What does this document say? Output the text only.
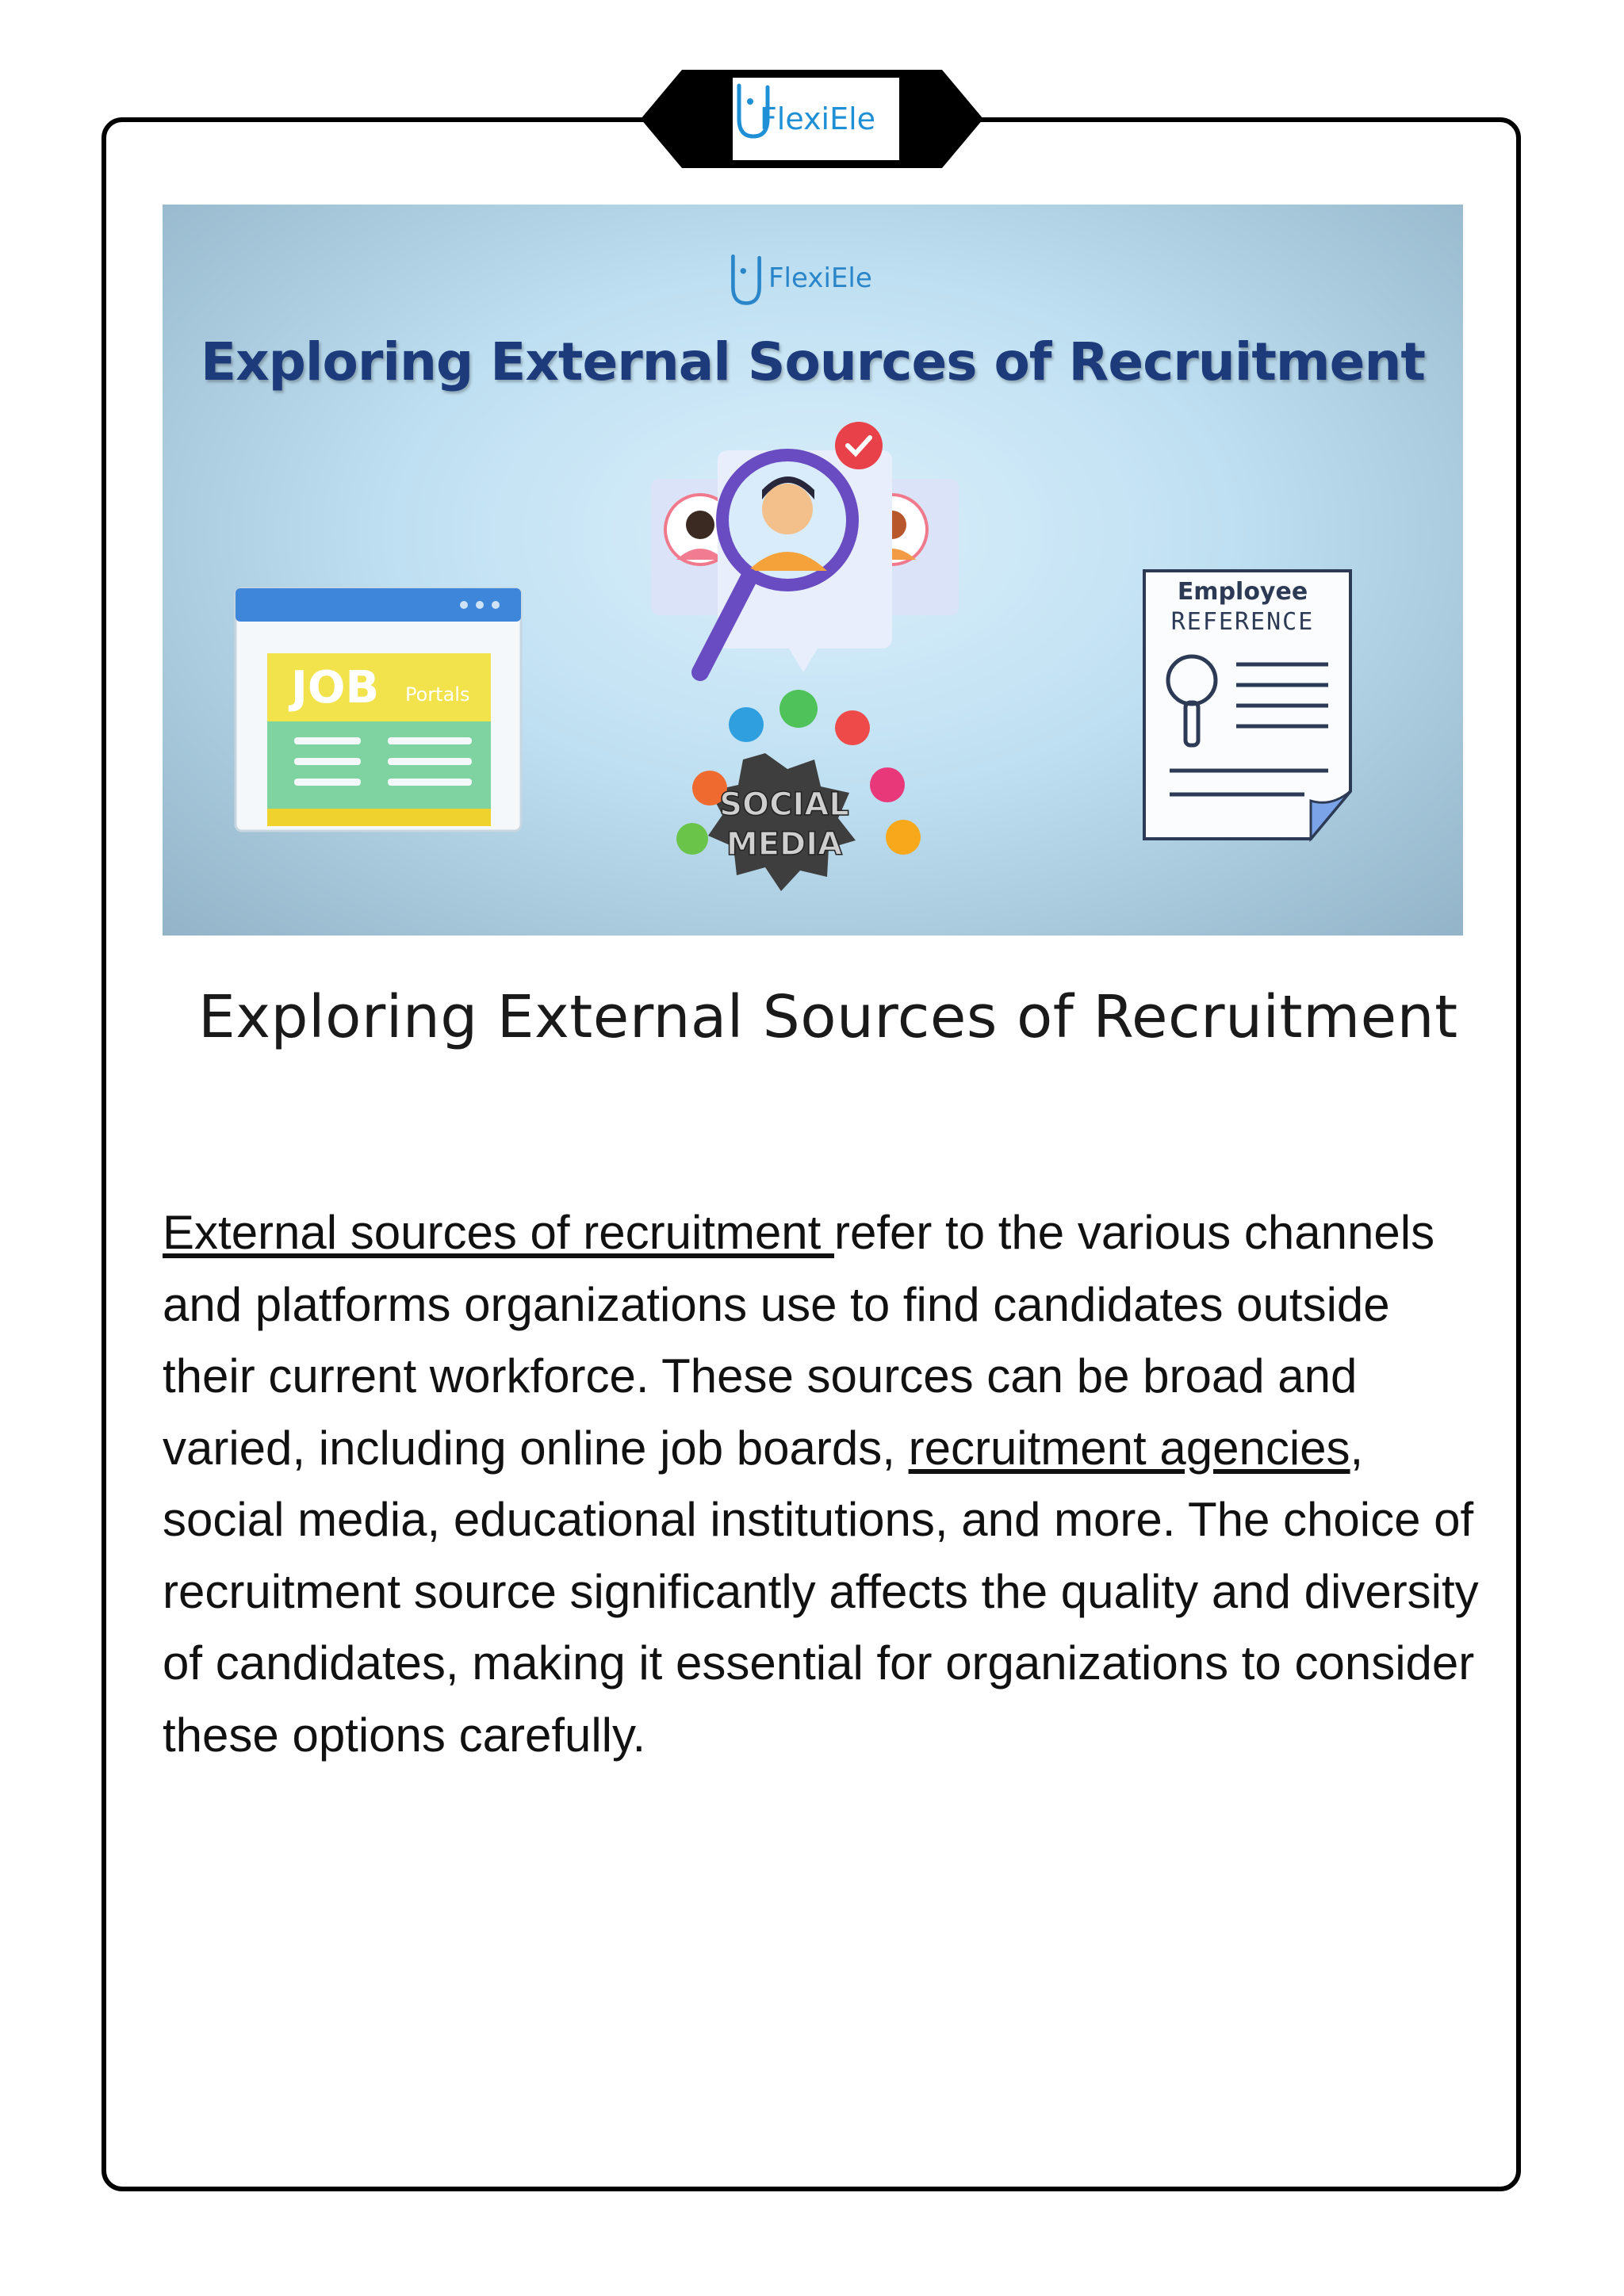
FlexiEle
JOB Portals
SOCIAL
MEDIA
Employee
REFERENCE
FlexiEle
Exploring External Sources of Recruitment
Exploring External Sources of Recruitment

External sources of recruitment refer to the various channels and platforms organizations use to find candidates outside their current workforce. These sources can be broad and varied, including online job boards, recruitment agencies, social media, educational institutions, and more. The choice of recruitment source significantly affects the quality and diversity of candidates, making it essential for organizations to consider these options carefully.
